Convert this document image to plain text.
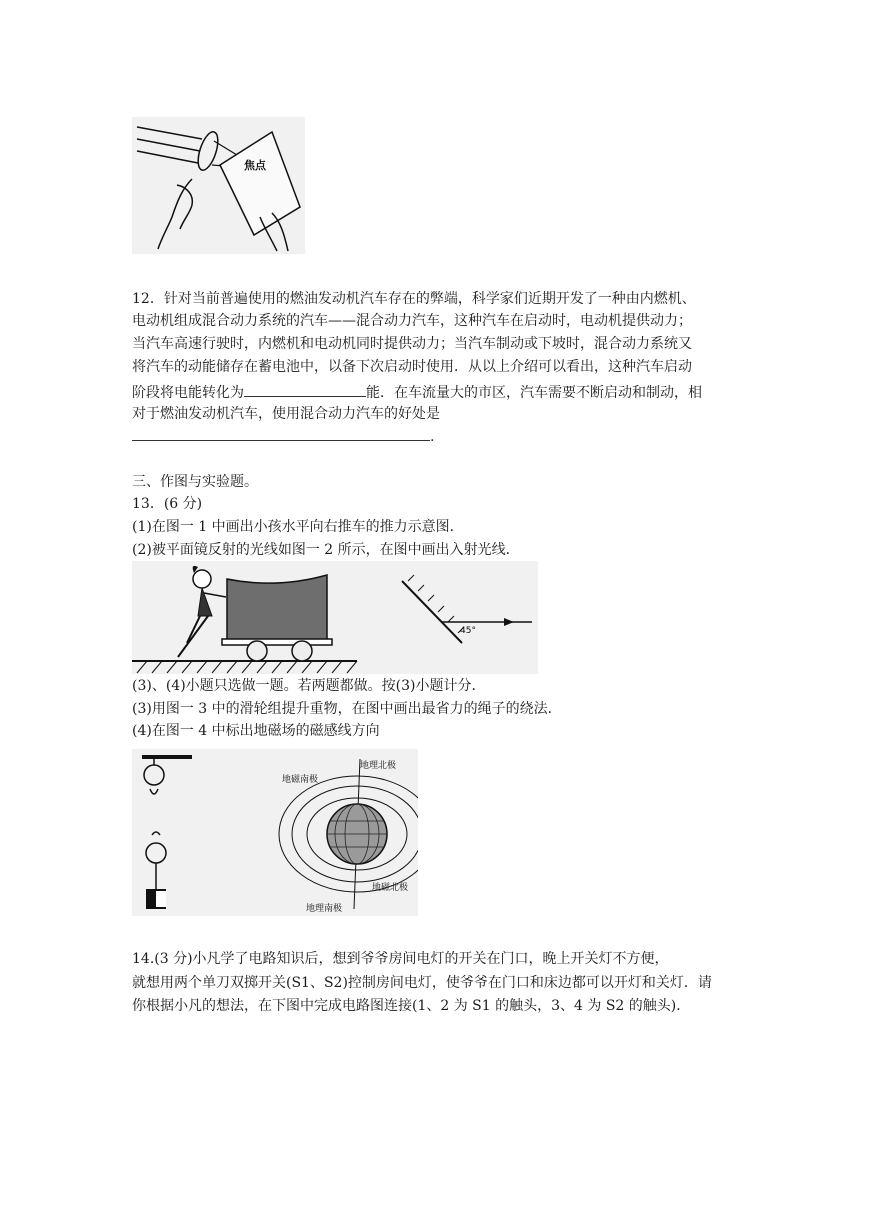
焦点
12．针对当前普遍使用的燃油发动机汽车存在的弊端，科学家们近期开发了一种由内燃机、
电动机组成混合动力系统的汽车——混合动力汽车，这种汽车在启动时，电动机提供动力；
当汽车高速行驶时，内燃机和电动机同时提供动力；当汽车制动或下坡时，混合动力系统又
将汽车的动能储存在蓄电池中，以备下次启动时使用．从以上介绍可以看出，这种汽车启动
阶段将电能转化为	能．在车流量大的市区，汽车需要不断启动和制动，相
对于燃油发动机汽车，使用混合动力汽车的好处是
.
三、作图与实验题。
13．(6 分)
(1)在图一 1 中画出小孩水平向右推车的推力示意图．
(2)被平面镜反射的光线如图一 2 所示，在图中画出入射光线．
45°
(3)、(4)小题只选做一题。若两题都做。按(3)小题计分．
(3)用图一 3 中的滑轮组提升重物，在图中画出最省力的绳子的绕法．
(4)在图一 4 中标出地磁场的磁感线方向
地理北极
地磁南极
地磁北极
地理南极
14.(3 分)小凡学了电路知识后，想到爷爷房间电灯的开关在门口，晚上开关灯不方便，
就想用两个单刀双掷开关(S1、S2)控制房间电灯，使爷爷在门口和床边都可以开灯和关灯．请
你根据小凡的想法，在下图中完成电路图连接(1、2 为 S1 的触头，3、4 为 S2 的触头)．
